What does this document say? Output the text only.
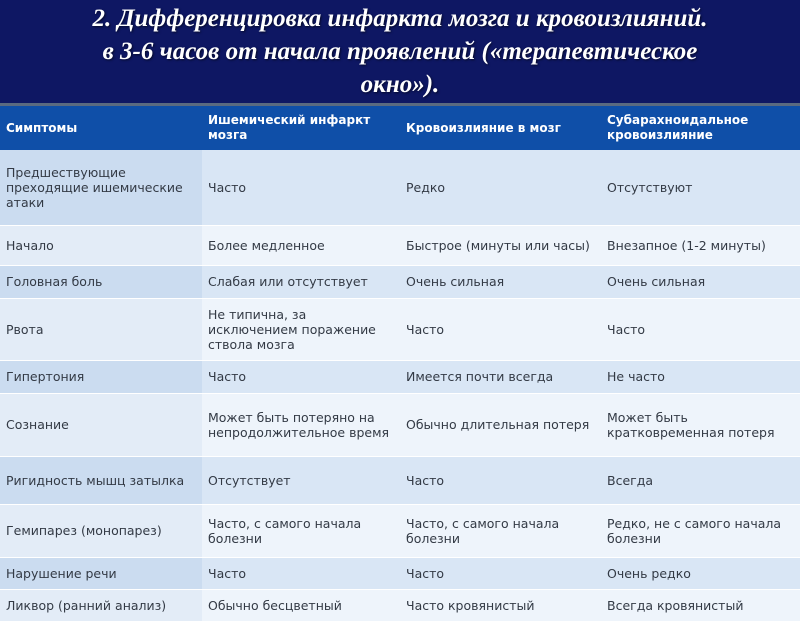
2. Дифференцировка инфаркта мозга и кровоизлияний.
в 3-6 часов от начала проявлений («терапевтическое
окно»).
Симптомы	Ишемический инфаркт мозга	Кровоизлияние в мозг	Субарахноидальное кровоизлияние
Предшествующие преходящие ишемические атаки	Часто	Редко	Отсутствуют
Начало	Более медленное	Быстрое (минуты или часы)	Внезапное (1-2 минуты)
Головная боль	Слабая или отсутствует	Очень сильная	Очень сильная
Рвота	Не типична, за исключением поражение ствола мозга	Часто	Часто
Гипертония	Часто	Имеется почти всегда	Не часто
Сознание	Может быть потеряно на непродолжительное время	Обычно длительная потеря	Может быть кратковременная потеря
Ригидность мышц затылка	Отсутствует	Часто	Всегда
Гемипарез (монопарез)	Часто, с самого начала болезни	Часто, с самого начала болезни	Редко, не с самого начала болезни
Нарушение речи	Часто	Часто	Очень редко
Ликвор (ранний анализ)	Обычно бесцветный	Часто кровянистый	Всегда кровянистый
